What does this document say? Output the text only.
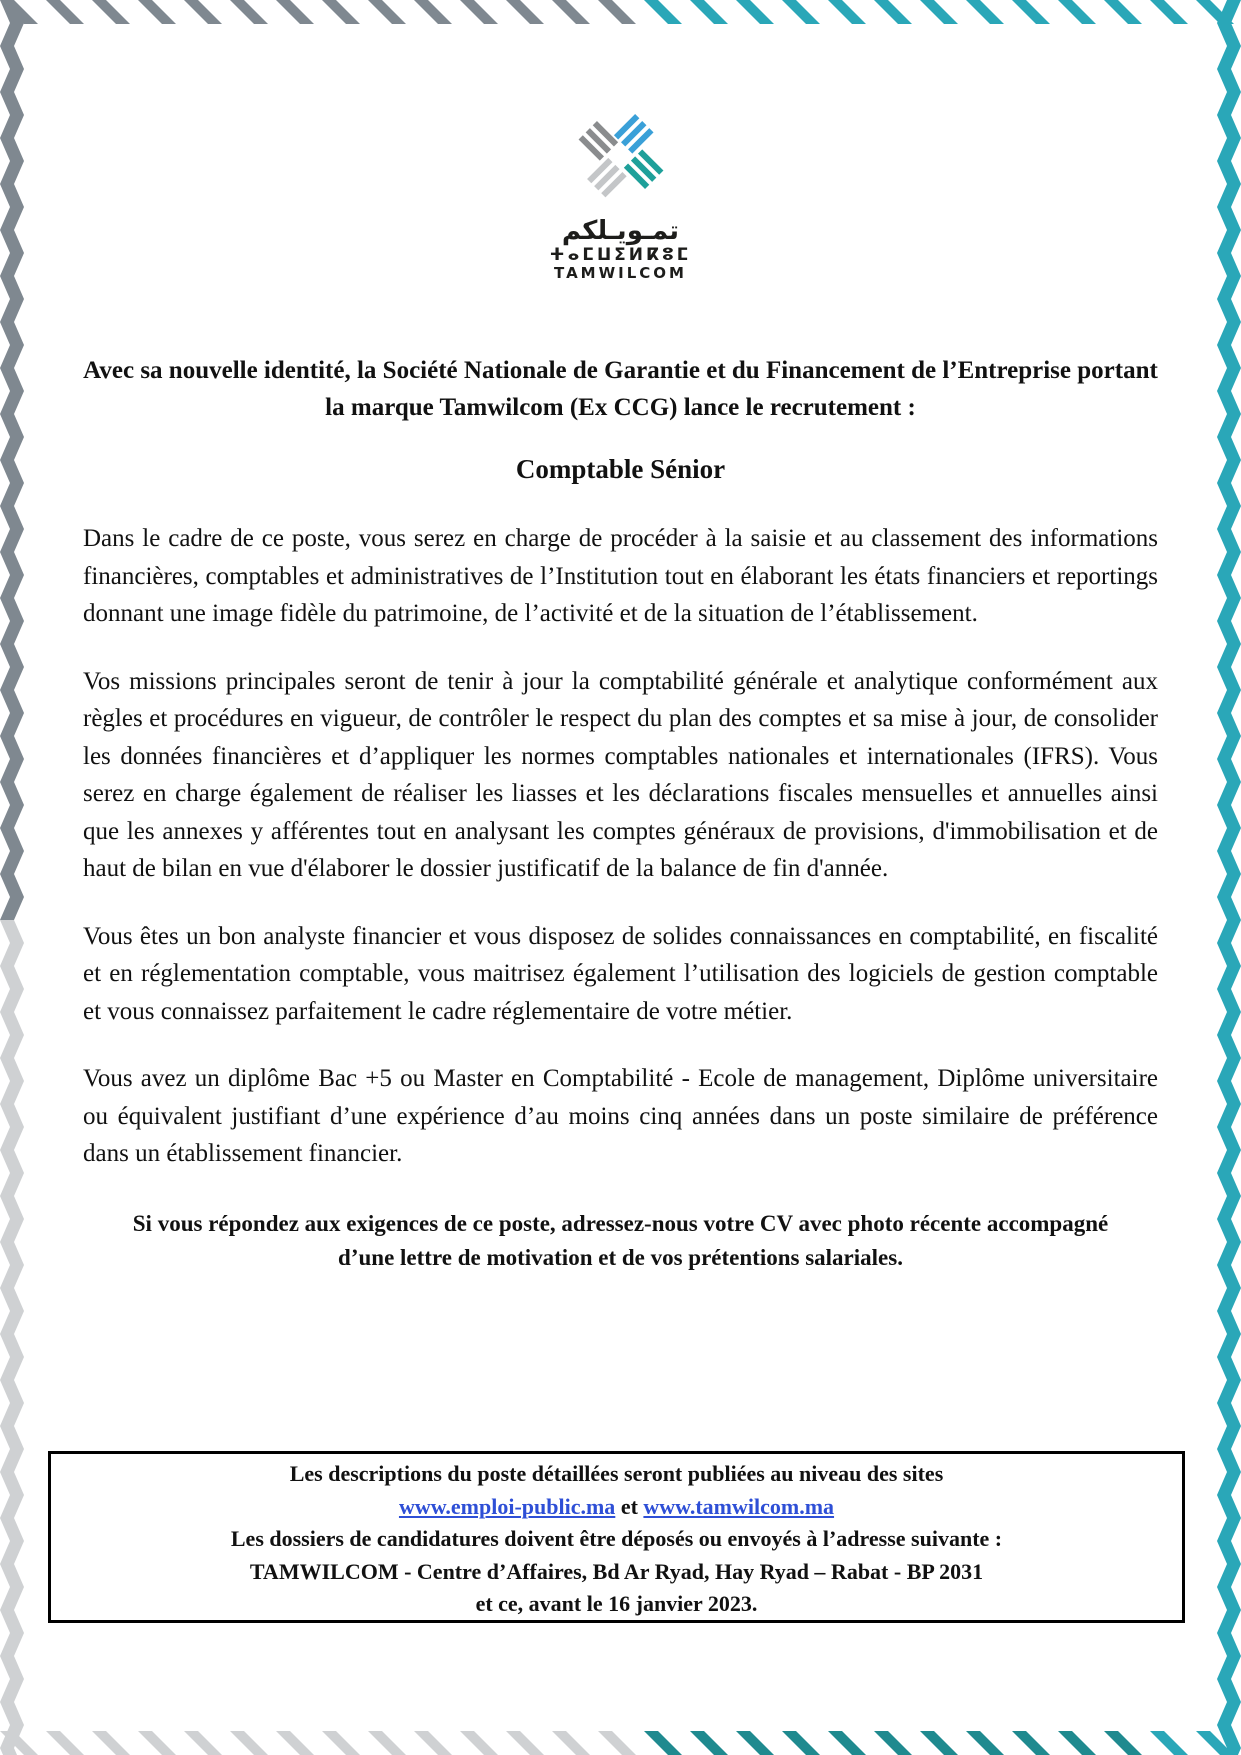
تمـويـلكم
ⵜⴰⵎⵡⵉⵍⴽⵓⵎ
TAMWILCOM

Avec sa nouvelle identité, la Société Nationale de Garantie et du Financement de l’Entreprise portant la marque Tamwilcom (Ex CCG) lance le recrutement :

Comptable Sénior

Dans le cadre de ce poste, vous serez en charge de procéder à la saisie et au classement des informations financières, comptables et administratives de l’Institution tout en élaborant les états financiers et reportings donnant une image fidèle du patrimoine, de l’activité et de la situation de l’établissement.

Vos missions principales seront de tenir à jour la comptabilité générale et analytique conformément aux règles et procédures en vigueur, de contrôler le respect du plan des comptes et sa mise à jour, de consolider les données financières et d’appliquer les normes comptables nationales et internationales (IFRS). Vous serez en charge également de réaliser les liasses et les déclarations fiscales mensuelles et annuelles ainsi que les annexes y afférentes tout en analysant les comptes généraux de provisions, d'immobilisation et de haut de bilan en vue d'élaborer le dossier justificatif de la balance de fin d'année.

Vous êtes un bon analyste financier et vous disposez de solides connaissances en comptabilité, en fiscalité et en réglementation comptable, vous maitrisez également l’utilisation des logiciels de gestion comptable et vous connaissez parfaitement le cadre réglementaire de votre métier.

Vous avez un diplôme Bac +5 ou Master en Comptabilité - Ecole de management, Diplôme universitaire ou équivalent justifiant d’une expérience d’au moins cinq années dans un poste similaire de préférence dans un établissement financier.

Si vous répondez aux exigences de ce poste, adressez-nous votre CV avec photo récente accompagné
d’une lettre de motivation et de vos prétentions salariales.

Les descriptions du poste détaillées seront publiées au niveau des sites
www.emploi-public.ma et www.tamwilcom.ma
Les dossiers de candidatures doivent être déposés ou envoyés à l’adresse suivante :
TAMWILCOM - Centre d’Affaires, Bd Ar Ryad, Hay Ryad – Rabat - BP 2031
et ce, avant le 16 janvier 2023.
